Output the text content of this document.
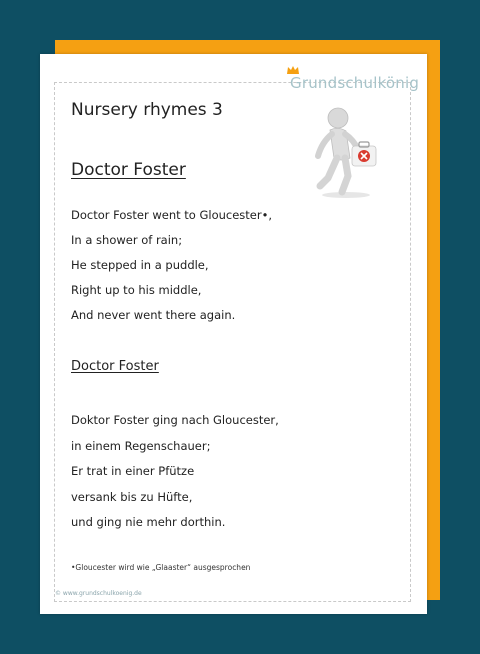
Grundschulkönig
Nursery rhymes 3
Doctor Foster
Doctor Foster went to Gloucester•,
In a shower of rain;
He stepped in a puddle,
Right up to his middle,
And never went there again.
Doctor Foster
Doktor Foster ging nach Gloucester,
in einem Regenschauer;
Er trat in einer Pfütze
versank bis zu Hüfte,
und ging nie mehr dorthin.
•Gloucester wird wie „Glaaster“ ausgesprochen
© www.grundschulkoenig.de
